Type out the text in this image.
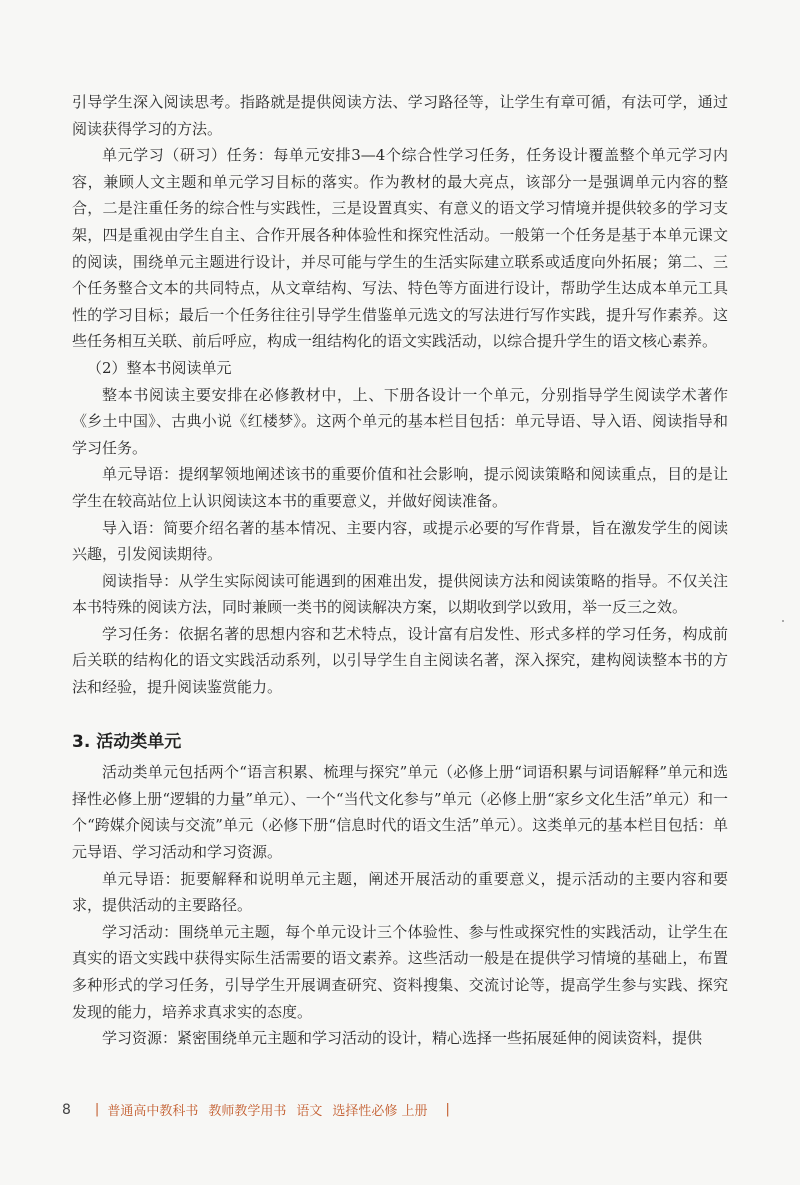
引导学生深入阅读思考。指路就是提供阅读方法、学习路径等，让学生有章可循，有法可学，通过阅读获得学习的方法。

单元学习（研习）任务：每单元安排3—4个综合性学习任务，任务设计覆盖整个单元学习内容，兼顾人文主题和单元学习目标的落实。作为教材的最大亮点，该部分一是强调单元内容的整合，二是注重任务的综合性与实践性，三是设置真实、有意义的语文学习情境并提供较多的学习支架，四是重视由学生自主、合作开展各种体验性和探究性活动。一般第一个任务是基于本单元课文的阅读，围绕单元主题进行设计，并尽可能与学生的生活实际建立联系或适度向外拓展；第二、三个任务整合文本的共同特点，从文章结构、写法、特色等方面进行设计，帮助学生达成本单元工具性的学习目标；最后一个任务往往引导学生借鉴单元选文的写法进行写作实践，提升写作素养。这些任务相互关联、前后呼应，构成一组结构化的语文实践活动，以综合提升学生的语文核心素养。

（2）整本书阅读单元

整本书阅读主要安排在必修教材中，上、下册各设计一个单元，分别指导学生阅读学术著作《乡土中国》、古典小说《红楼梦》。这两个单元的基本栏目包括：单元导语、导入语、阅读指导和学习任务。

单元导语：提纲挈领地阐述该书的重要价值和社会影响，提示阅读策略和阅读重点，目的是让学生在较高站位上认识阅读这本书的重要意义，并做好阅读准备。

导入语：简要介绍名著的基本情况、主要内容，或提示必要的写作背景，旨在激发学生的阅读兴趣，引发阅读期待。

阅读指导：从学生实际阅读可能遇到的困难出发，提供阅读方法和阅读策略的指导。不仅关注本书特殊的阅读方法，同时兼顾一类书的阅读解决方案，以期收到学以致用，举一反三之效。

学习任务：依据名著的思想内容和艺术特点，设计富有启发性、形式多样的学习任务，构成前后关联的结构化的语文实践活动系列，以引导学生自主阅读名著，深入探究，建构阅读整本书的方法和经验，提升阅读鉴赏能力。

3. 活动类单元

活动类单元包括两个“语言积累、梳理与探究”单元（必修上册“词语积累与词语解释”单元和选择性必修上册“逻辑的力量”单元）、一个“当代文化参与”单元（必修上册“家乡文化生活”单元）和一个“跨媒介阅读与交流”单元（必修下册“信息时代的语文生活”单元）。这类单元的基本栏目包括：单元导语、学习活动和学习资源。

单元导语：扼要解释和说明单元主题，阐述开展活动的重要意义，提示活动的主要内容和要求，提供活动的主要路径。

学习活动：围绕单元主题，每个单元设计三个体验性、参与性或探究性的实践活动，让学生在真实的语文实践中获得实际生活需要的语文素养。这些活动一般是在提供学习情境的基础上，布置多种形式的学习任务，引导学生开展调查研究、资料搜集、交流讨论等，提高学生参与实践、探究发现的能力，培养求真求实的态度。

学习资源：紧密围绕单元主题和学习活动的设计，精心选择一些拓展延伸的阅读资料，提供

8 | 普通高中教科书 教师教学用书 语文 选择性必修 上册 |
